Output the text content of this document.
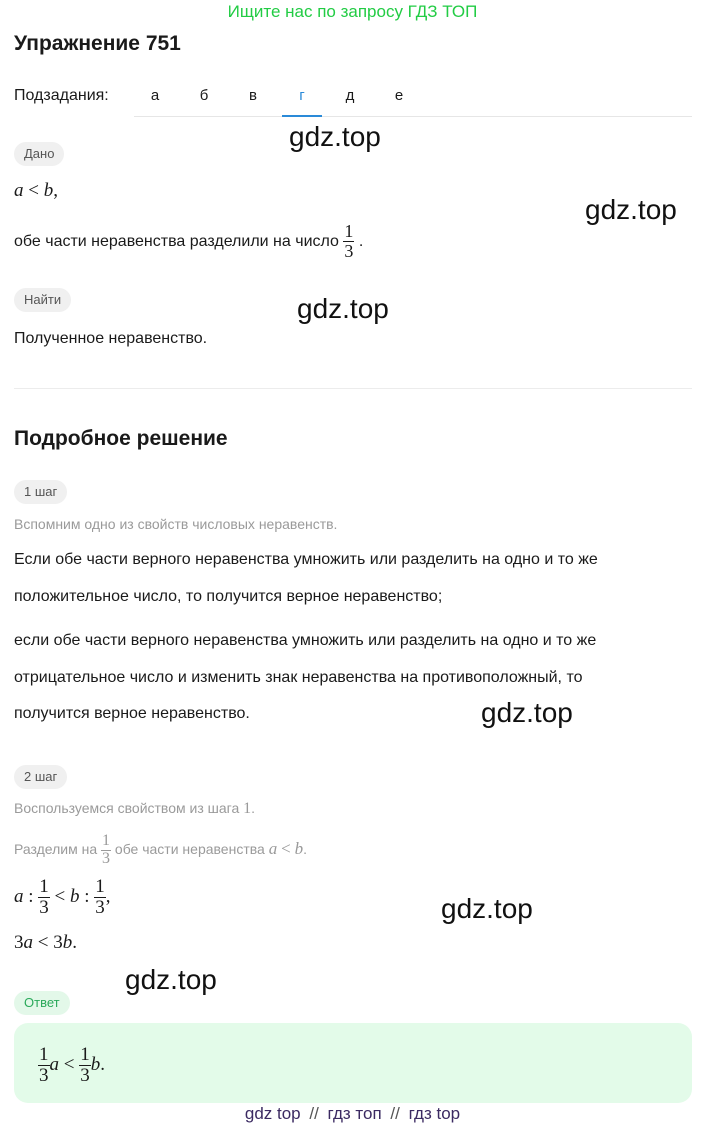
Ищите нас по запросу ГДЗ ТОП
Упражнение 751
Подзадания:	а	б	в	г	д	е
Дано
a < b,
обе части неравенства разделили на число $\frac{1}{3}$ .
Найти
Полученное неравенство.
Подробное решение
1 шаг
Вспомним одно из свойств числовых неравенств.
Если обе части верного неравенства умножить или разделить на одно и то же
положительное число, то получится верное неравенство;
если обе части верного неравенства умножить или разделить на одно и то же
отрицательное число и изменить знак неравенства на противоположный, то
получится верное неравенство.
2 шаг
Воспользуемся свойством из шага 1.
Разделим на $\frac{1}{3}$ обе части неравенства a < b.
a : $\frac{1}{3} < b$ : $\frac{1}{3}$ ,
3a < 3b.
Ответ
$\frac{1}{3}$ $a < \frac{1}{3} b$.
gdz.top
gdz.top
gdz.top
gdz.top
gdz.top
gdz.top
gdz top // гдз топ // гдз top
